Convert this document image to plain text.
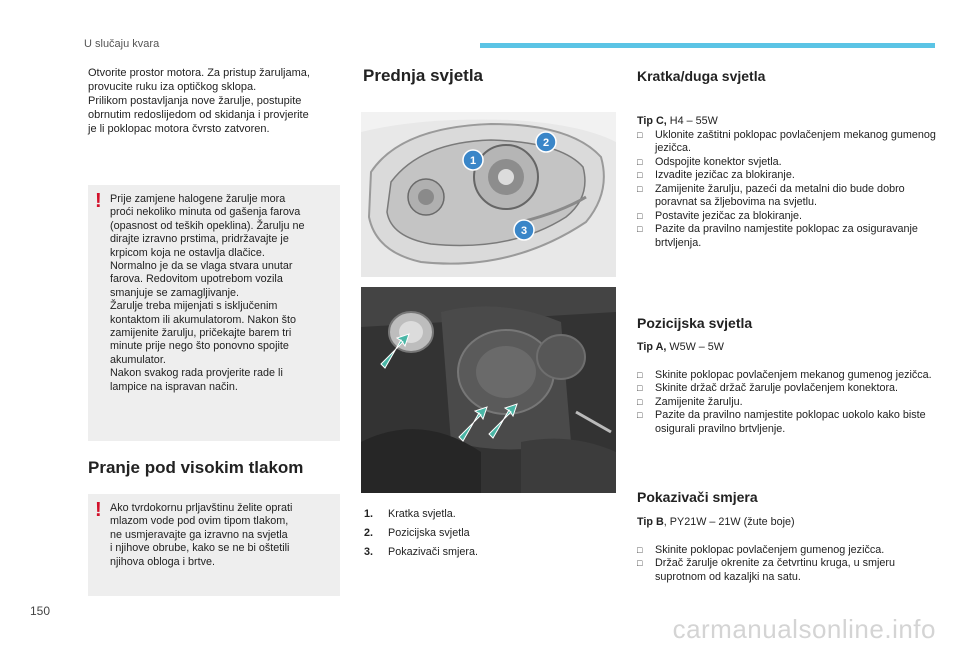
U slučaju kvara

Otvorite prostor motora. Za pristup žaruljama,
provucite ruku iza optičkog sklopa.
Prilikom postavljanja nove žarulje, postupite
obrnutim redoslijedom od skidanja i provjerite
je li poklopac motora čvrsto zatvoren.

! Prije zamjene halogene žarulje mora
proći nekoliko minuta od gašenja farova
(opasnost od teških opeklina). Žarulju ne
dirajte izravno prstima, pridržavajte je
krpicom koja ne ostavlja dlačice.
Normalno je da se vlaga stvara unutar
farova. Redovitom upotrebom vozila
smanjuje se zamagljivanje.
Žarulje treba mijenjati s isključenim
kontaktom ili akumulatorom. Nakon što
zamijenite žarulju, pričekajte barem tri
minute prije nego što ponovno spojite
akumulator.
Nakon svakog rada provjerite rade li
lampice na ispravan način.

Pranje pod visokim tlakom
! Ako tvrdokornu prljavštinu želite oprati
mlazom vode pod ovim tipom tlakom,
ne usmjeravajte ga izravno na svjetla
i njihove obrube, kako se ne bi oštetili
njihova obloga i brtve.

Prednja svjetla
1
2
3
1.	Kratka svjetla.
2.	Pozicijska svjetla
3.	Pokazivači smjera.
Kratka/duga svjetla

Tip C, H4 – 55W

□ Uklonite zaštitni poklopac povlačenjem mekanog gumenog jezičca.
□ Odspojite konektor svjetla.
□ Izvadite jezičac za blokiranje.
□ Zamijenite žarulju, pazeći da metalni dio bude dobro poravnat sa žljebovima na svjetlu.
□ Postavite jezičac za blokiranje.
□ Pazite da pravilno namjestite poklopac za osiguravanje brtvljenja.
Pozicijska svjetla

Tip A, W5W – 5W

□ Skinite poklopac povlačenjem mekanog gumenog jezičca.
□ Skinite držač držač žarulje povlačenjem konektora.
□ Zamijenite žarulju.
□ Pazite da pravilno namjestite poklopac uokolo kako biste osigurali pravilno brtvljenje.
Pokazivači smjera

Tip B, PY21W – 21W (žute boje)

□ Skinite poklopac povlačenjem gumenog jezičca.
□ Držač žarulje okrenite za četvrtinu kruga, u smjeru suprotnom od kazaljki na satu.
150
carmanualsonline.info
